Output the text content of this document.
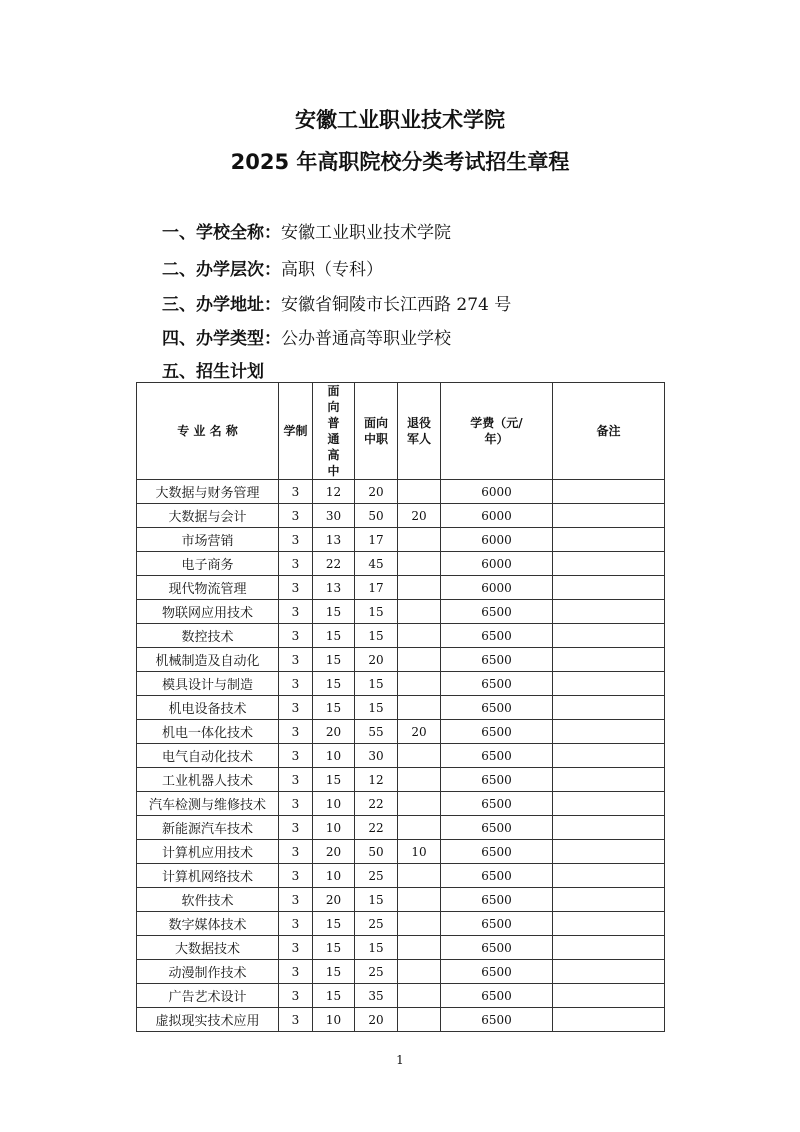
安徽工业职业技术学院
2025 年高职院校分类考试招生章程
一、学校全称：安徽工业职业技术学院
二、办学层次：高职（专科）
三、办学地址：安徽省铜陵市长江西路 274 号
四、办学类型：公办普通高等职业学校
五、招生计划
专 业 名 称	学制	面向普通高中	面向中职	退役军人	学费（元/年）	备注
大数据与财务管理	3	12	20		6000	
大数据与会计	3	30	50	20	6000	
市场营销	3	13	17		6000	
电子商务	3	22	45		6000	
现代物流管理	3	13	17		6000	
物联网应用技术	3	15	15		6500	
数控技术	3	15	15		6500	
机械制造及自动化	3	15	20		6500	
模具设计与制造	3	15	15		6500	
机电设备技术	3	15	15		6500	
机电一体化技术	3	20	55	20	6500	
电气自动化技术	3	10	30		6500	
工业机器人技术	3	15	12		6500	
汽车检测与维修技术	3	10	22		6500	
新能源汽车技术	3	10	22		6500	
计算机应用技术	3	20	50	10	6500	
计算机网络技术	3	10	25		6500	
软件技术	3	20	15		6500	
数字媒体技术	3	15	25		6500	
大数据技术	3	15	15		6500	
动漫制作技术	3	15	25		6500	
广告艺术设计	3	15	35		6500	
虚拟现实技术应用	3	10	20		6500	
1
